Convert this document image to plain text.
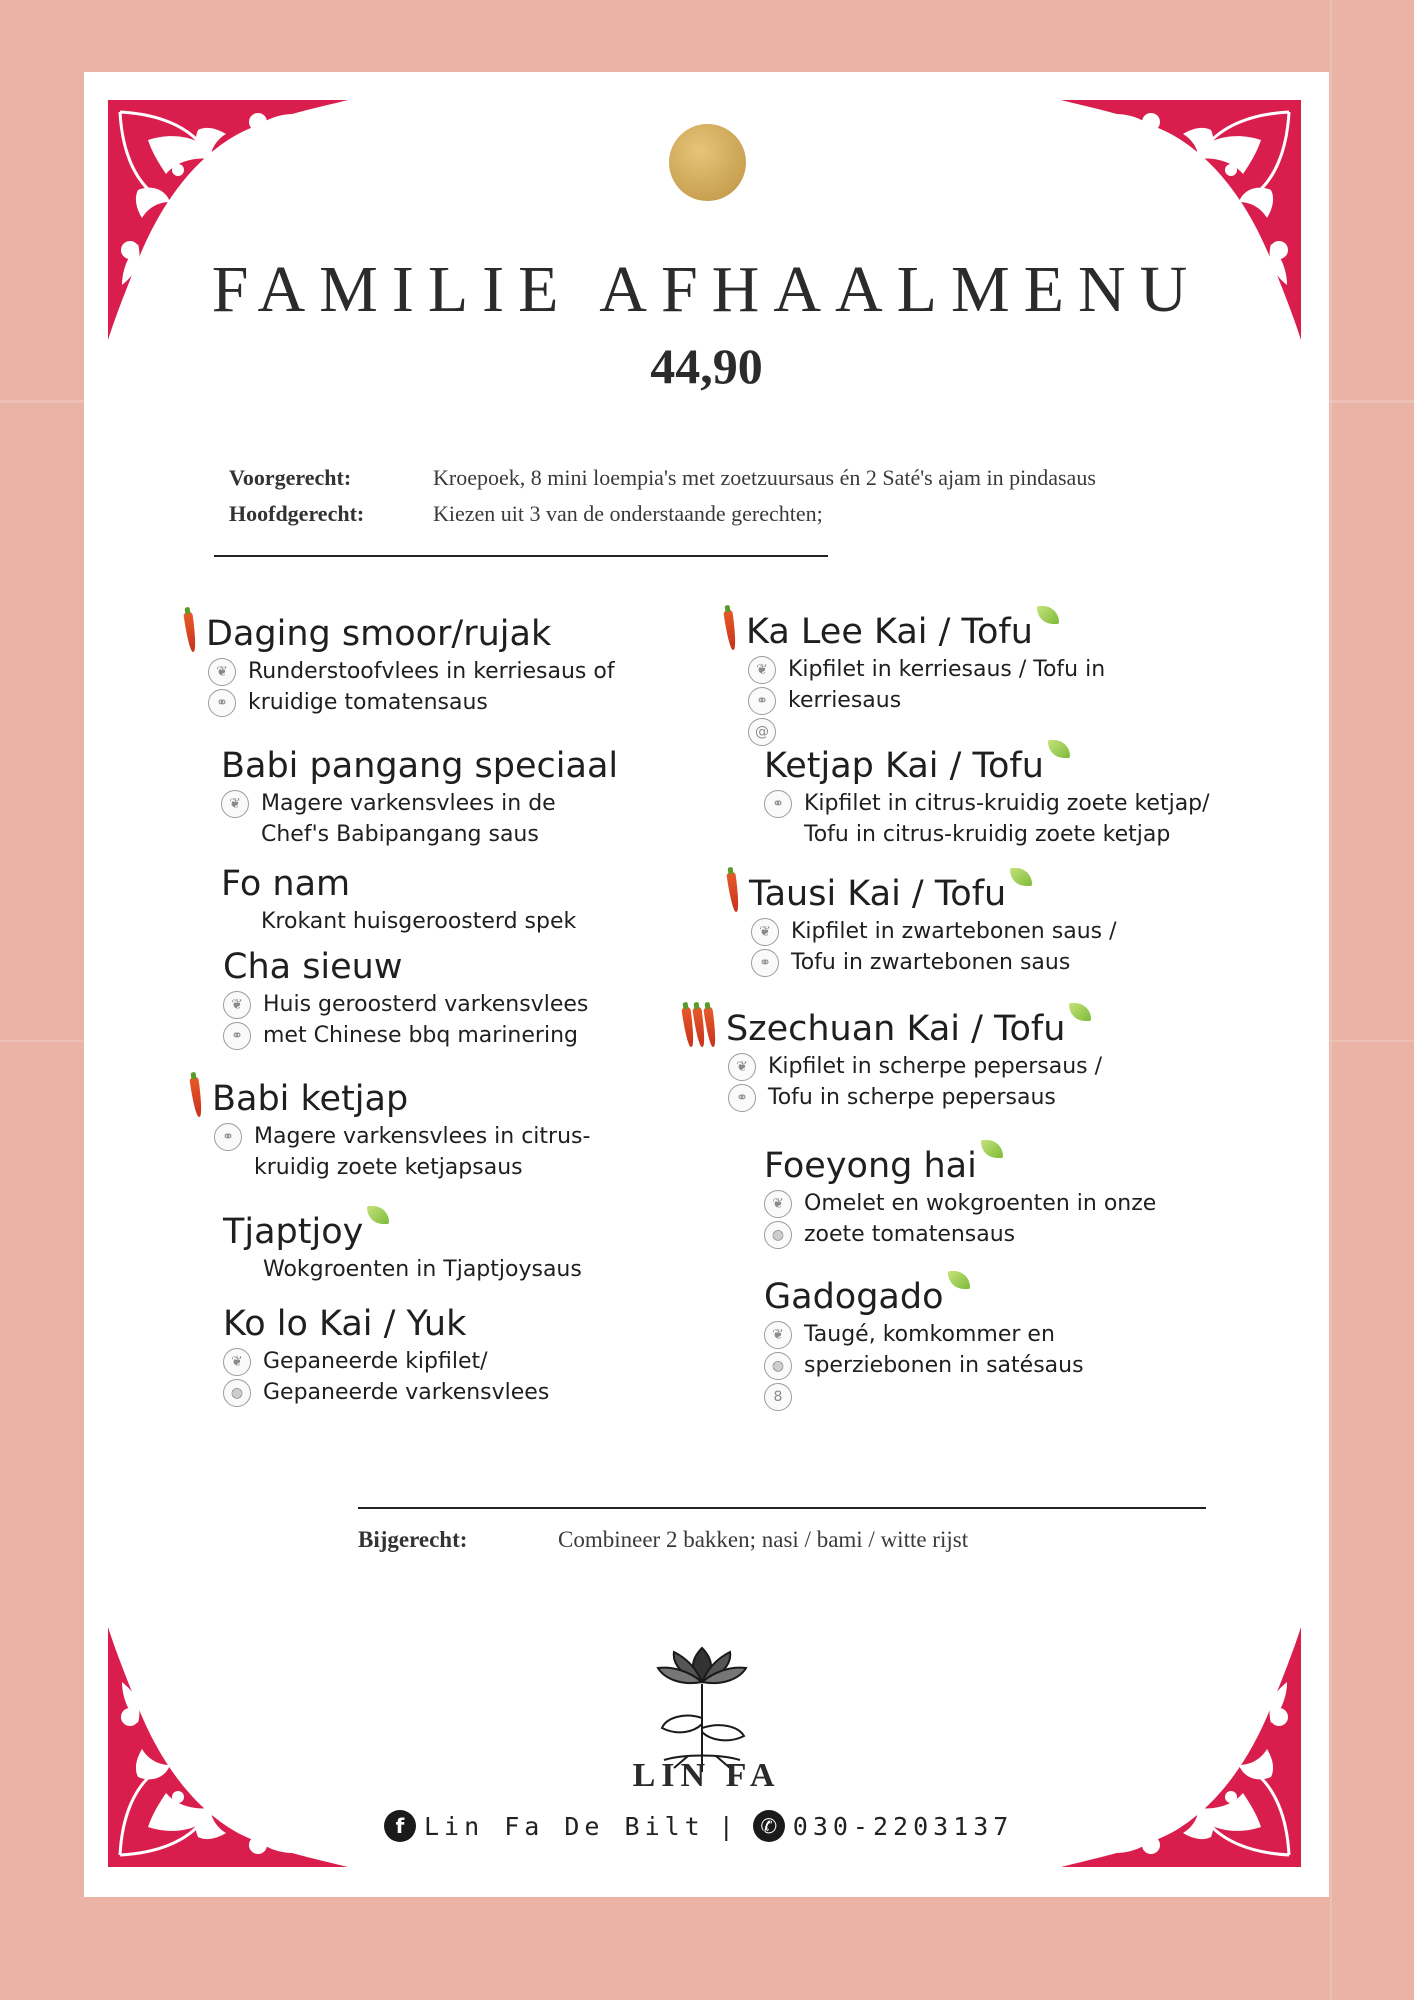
FAMILIE AFHAALMENU
44,90
Voorgerecht:	Kroepoek, 8 mini loempia's met zoetzuursaus én 2 Saté's ajam in pindasaus
Hoofdgerecht:	Kiezen uit 3 van de onderstaande gerechten;
Daging smoor/rujak
❦
⚭
Runderstoofvlees in kerriesaus of
kruidige tomatensaus
Babi pangang speciaal
❦ Magere varkensvlees in de
Chef's Babipangang saus
Fo nam
Krokant huisgeroosterd spek
Cha sieuw
❦
⚭
Huis geroosterd varkensvlees
met Chinese bbq marinering
Babi ketjap
⚭ Magere varkensvlees in citrus-
kruidig zoete ketjapsaus
Tjaptjoy
Wokgroenten in Tjaptjoysaus
Ko lo Kai / Yuk
❦
◍
Gepaneerde kipfilet/
Gepaneerde varkensvlees
Ka Lee Kai / Tofu
❦
⚭
@
Kipfilet in kerriesaus / Tofu in
kerriesaus
Ketjap Kai / Tofu
⚭ Kipfilet in citrus-kruidig zoete ketjap/
Tofu in citrus-kruidig zoete ketjap
Tausi Kai / Tofu
❦
⚭
Kipfilet in zwartebonen saus /
Tofu in zwartebonen saus
Szechuan Kai / Tofu
❦
⚭
Kipfilet in scherpe pepersaus /
Tofu in scherpe pepersaus
Foeyong hai
❦
◍
Omelet en wokgroenten in onze
zoete tomatensaus
Gadogado
❦
◍
8
Taugé, komkommer en
sperziebonen in satésaus
Bijgerecht:	Combineer 2 bakken; nasi / bami / witte rijst
LIN FA
f Lin Fa De Bilt |	✆ 030-2203137
